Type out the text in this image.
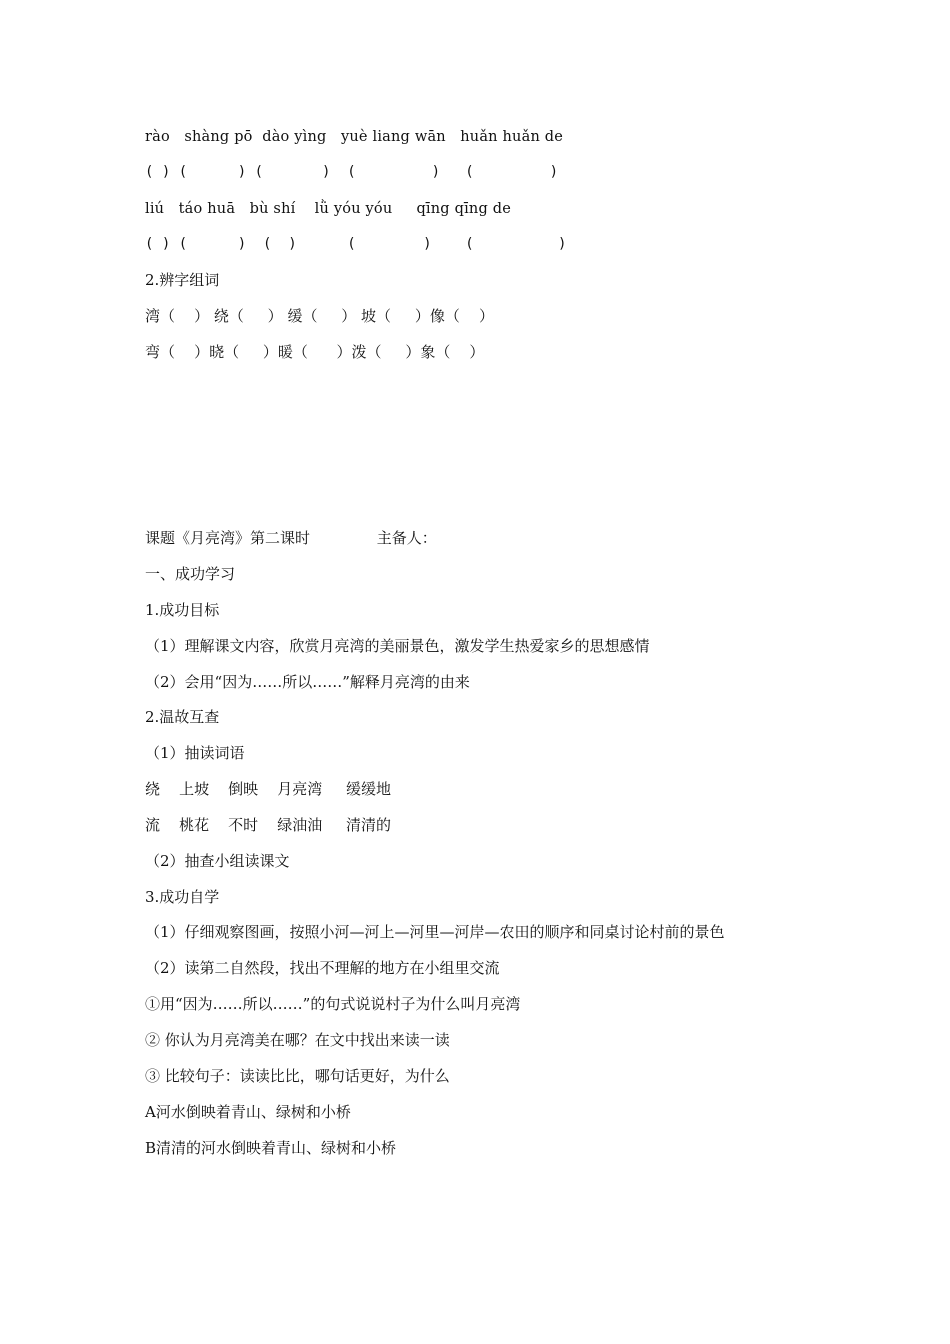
rào   shàng pō  dào yìng   yuè liang wān   huǎn huǎn de
( ) (      ) (       )  (         )   (         )
liú   táo huā   bù shí    lǜ yóu yóu     qīng qīng de
( ) (      )  (  )      (        )    (          )
2.辨字组词
湾（    ） 绕（     ） 缓（     ） 坡（     ）像（    ）
弯（    ）晓（     ）暖（      ）泼（     ）象（    ）
课题《月亮湾》第二课时              主备人：
一、成功学习
1.成功目标
（1）理解课文内容，欣赏月亮湾的美丽景色，激发学生热爱家乡的思想感情
（2）会用“因为……所以……”解释月亮湾的由来
2.温故互查
（1）抽读词语
绕    上坡    倒映    月亮湾     缓缓地
流    桃花    不时    绿油油     清清的
（2）抽查小组读课文
3.成功自学
（1）仔细观察图画，按照小河—河上—河里—河岸—农田的顺序和同桌讨论村前的景色
（2）读第二自然段，找出不理解的地方在小组里交流
①用“因为……所以……”的句式说说村子为什么叫月亮湾
② 你认为月亮湾美在哪？在文中找出来读一读
③ 比较句子：读读比比，哪句话更好，为什么
A河水倒映着青山、绿树和小桥
B清清的河水倒映着青山、绿树和小桥
